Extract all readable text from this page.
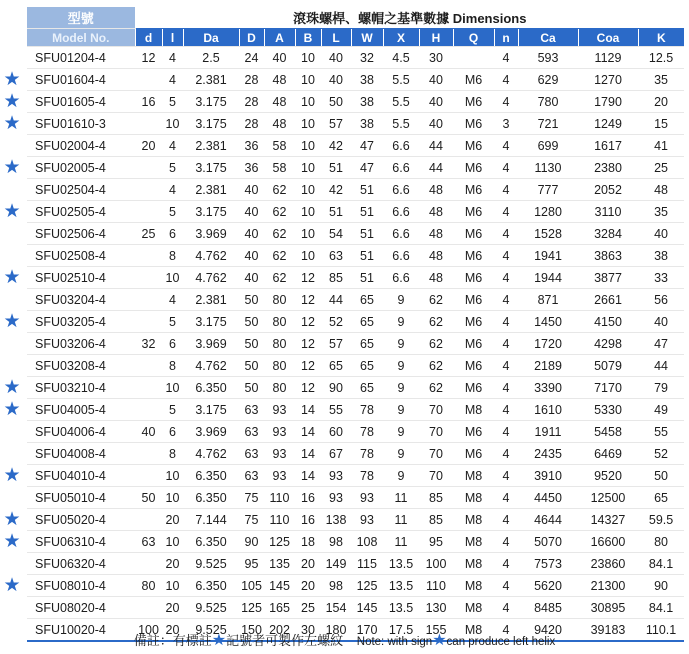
型號	滾珠螺桿、螺帽之基準數據 Dimensions														
Model No.	d	l	Da	D	A	B	L	W	X	H	Q	n	Ca	Coa	K
SFU01204-4	12	4	2.5	24	40	10	40	32	4.5	30		4	593	1129	12.5
SFU01604-4		4	2.381	28	48	10	40	38	5.5	40	M6	4	629	1270	35
SFU01605-4	16	5	3.175	28	48	10	50	38	5.5	40	M6	4	780	1790	20
SFU01610-3		10	3.175	28	48	10	57	38	5.5	40	M6	3	721	1249	15
SFU02004-4	20	4	2.381	36	58	10	42	47	6.6	44	M6	4	699	1617	41
SFU02005-4		5	3.175	36	58	10	51	47	6.6	44	M6	4	1130	2380	25
SFU02504-4		4	2.381	40	62	10	42	51	6.6	48	M6	4	777	2052	48
SFU02505-4		5	3.175	40	62	10	51	51	6.6	48	M6	4	1280	3110	35
SFU02506-4	25	6	3.969	40	62	10	54	51	6.6	48	M6	4	1528	3284	40
SFU02508-4		8	4.762	40	62	10	63	51	6.6	48	M6	4	1941	3863	38
SFU02510-4		10	4.762	40	62	12	85	51	6.6	48	M6	4	1944	3877	33
SFU03204-4		4	2.381	50	80	12	44	65	9	62	M6	4	871	2661	56
SFU03205-4		5	3.175	50	80	12	52	65	9	62	M6	4	1450	4150	40
SFU03206-4	32	6	3.969	50	80	12	57	65	9	62	M6	4	1720	4298	47
SFU03208-4		8	4.762	50	80	12	65	65	9	62	M6	4	2189	5079	44
SFU03210-4		10	6.350	50	80	12	90	65	9	62	M6	4	3390	7170	79
SFU04005-4		5	3.175	63	93	14	55	78	9	70	M8	4	1610	5330	49
SFU04006-4	40	6	3.969	63	93	14	60	78	9	70	M6	4	1911	5458	55
SFU04008-4		8	4.762	63	93	14	67	78	9	70	M6	4	2435	6469	52
SFU04010-4		10	6.350	63	93	14	93	78	9	70	M8	4	3910	9520	50
SFU05010-4	50	10	6.350	75	110	16	93	93	11	85	M8	4	4450	12500	65
SFU05020-4		20	7.144	75	110	16	138	93	11	85	M8	4	4644	14327	59.5
SFU06310-4	63	10	6.350	90	125	18	98	108	11	95	M8	4	5070	16600	80
SFU06320-4		20	9.525	95	135	20	149	115	13.5	100	M8	4	7573	23860	84.1
SFU08010-4	80	10	6.350	105	145	20	98	125	13.5	110	M8	4	5620	21300	90
SFU08020-4		20	9.525	125	165	25	154	145	13.5	130	M8	4	8485	30895	84.1
SFU10020-4	100	20	9.525	150	202	30	180	170	17.5	155	M8	4	9420	39183	110.1
備註：有標註★記號者可製作左螺紋 Note: with sign★can produce left helix
★
★
★
★
★
★
★
★
★
★
★
★
★
